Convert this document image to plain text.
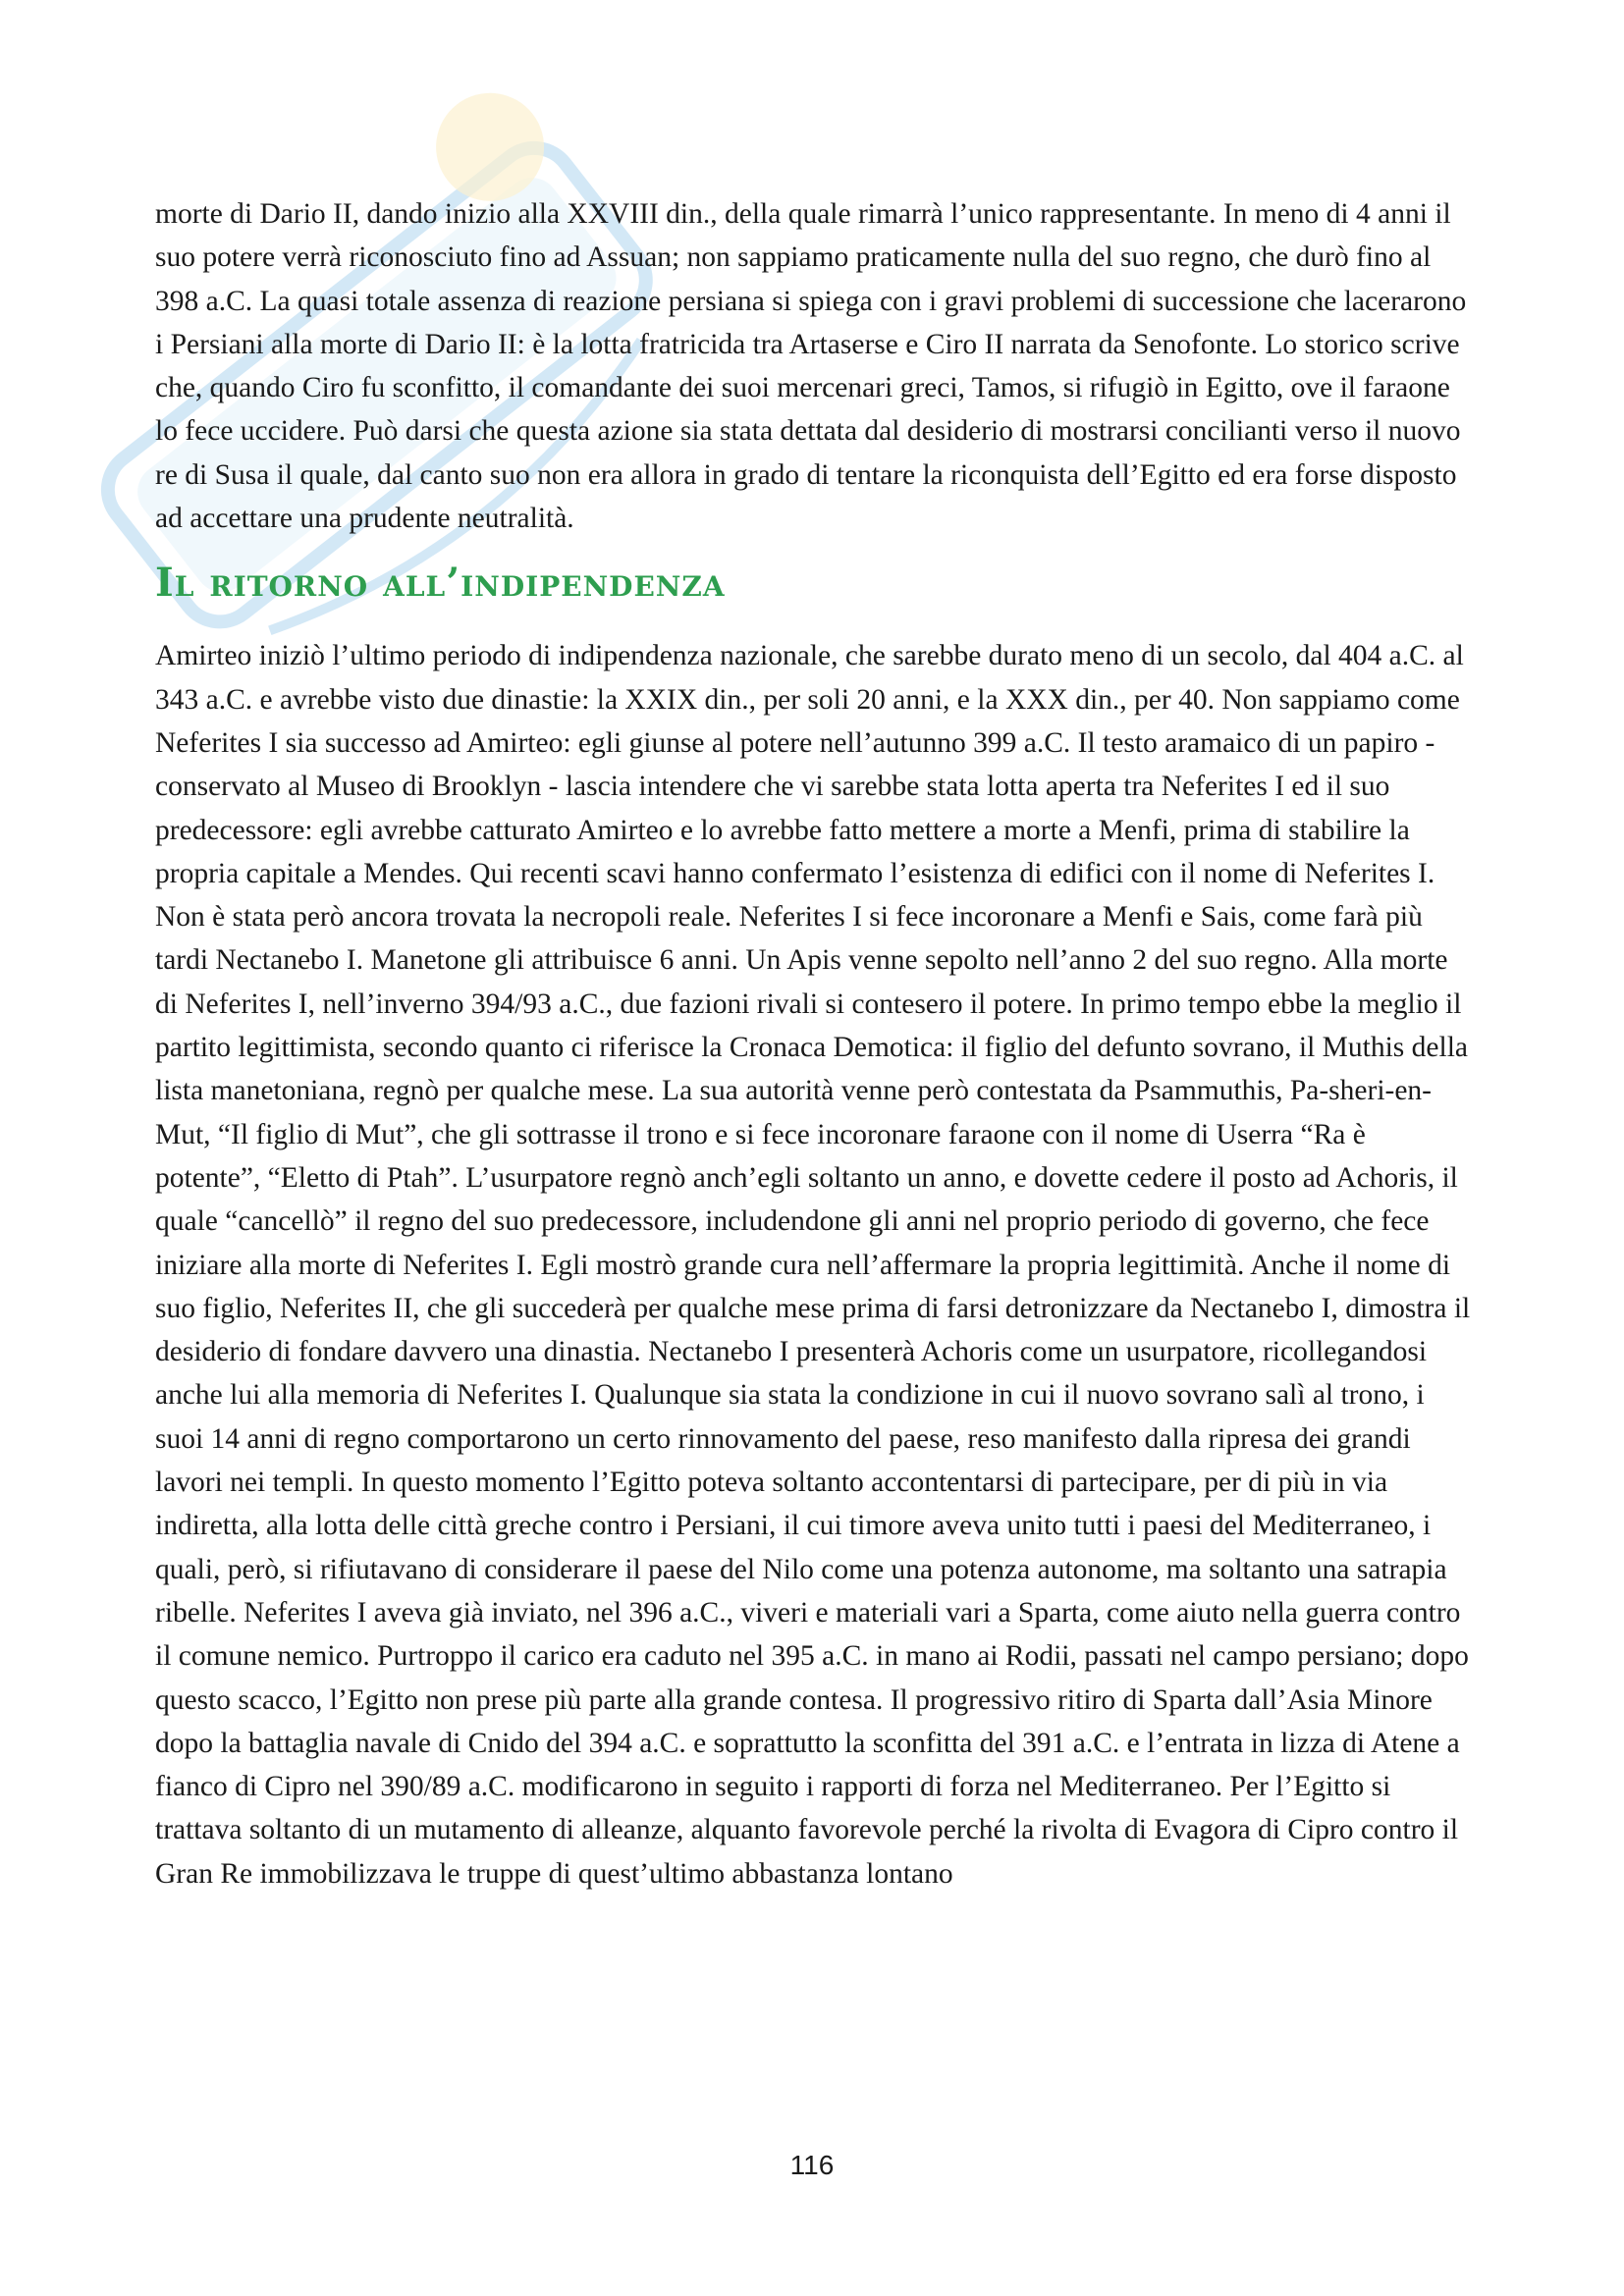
morte di Dario II, dando inizio alla XXVIII din., della quale rimarrà l’unico rappresentante. In meno di 4 anni il suo potere verrà riconosciuto fino ad Assuan; non sappiamo praticamente nulla del suo regno, che durò fino al 398 a.C. La quasi totale assenza di reazione persiana si spiega con i gravi problemi di successione che lacerarono i Persiani alla morte di Dario II: è la lotta fratricida tra Artaserse e Ciro II narrata da Senofonte. Lo storico scrive che, quando Ciro fu sconfitto, il comandante dei suoi mercenari greci, Tamos, si rifugiò in Egitto, ove il faraone lo fece uccidere. Può darsi che questa azione sia stata dettata dal desiderio di mostrarsi concilianti verso il nuovo re di Susa il quale, dal canto suo non era allora in grado di tentare la riconquista dell’Egitto ed era forse disposto ad accettare una prudente neutralità.

Il ritorno all’indipendenza

Amirteo iniziò l’ultimo periodo di indipendenza nazionale, che sarebbe durato meno di un secolo, dal 404 a.C. al 343 a.C. e avrebbe visto due dinastie: la XXIX din., per soli 20 anni, e la XXX din., per 40. Non sappiamo come Neferites I sia successo ad Amirteo: egli giunse al potere nell’autunno 399 a.C. Il testo aramaico di un papiro - conservato al Museo di Brooklyn - lascia intendere che vi sarebbe stata lotta aperta tra Neferites I ed il suo predecessore: egli avrebbe catturato Amirteo e lo avrebbe fatto mettere a morte a Menfi, prima di stabilire la propria capitale a Mendes. Qui recenti scavi hanno confermato l’esistenza di edifici con il nome di Neferites I. Non è stata però ancora trovata la necropoli reale. Neferites I si fece incoronare a Menfi e Sais, come farà più tardi Nectanebo I. Manetone gli attribuisce 6 anni. Un Apis venne sepolto nell’anno 2 del suo regno. Alla morte di Neferites I, nell’inverno 394/93 a.C., due fazioni rivali si contesero il potere. In primo tempo ebbe la meglio il partito legittimista, secondo quanto ci riferisce la Cronaca Demotica: il figlio del defunto sovrano, il Muthis della lista manetoniana, regnò per qualche mese. La sua autorità venne però contestata da Psammuthis, Pa-sheri-en-Mut, “Il figlio di Mut”, che gli sottrasse il trono e si fece incoronare faraone con il nome di Userra “Ra è potente”, “Eletto di Ptah”. L’usurpatore regnò anch’egli soltanto un anno, e dovette cedere il posto ad Achoris, il quale “cancellò” il regno del suo predecessore, includendone gli anni nel proprio periodo di governo, che fece iniziare alla morte di Neferites I. Egli mostrò grande cura nell’affermare la propria legittimità. Anche il nome di suo figlio, Neferites II, che gli succederà per qualche mese prima di farsi detronizzare da Nectanebo I, dimostra il desiderio di fondare davvero una dinastia. Nectanebo I presenterà Achoris come un usurpatore, ricollegandosi anche lui alla memoria di Neferites I. Qualunque sia stata la condizione in cui il nuovo sovrano salì al trono, i suoi 14 anni di regno comportarono un certo rinnovamento del paese, reso manifesto dalla ripresa dei grandi lavori nei templi. In questo momento l’Egitto poteva soltanto accontentarsi di partecipare, per di più in via indiretta, alla lotta delle città greche contro i Persiani, il cui timore aveva unito tutti i paesi del Mediterraneo, i quali, però, si rifiutavano di considerare il paese del Nilo come una potenza autonome, ma soltanto una satrapia ribelle. Neferites I aveva già inviato, nel 396 a.C., viveri e materiali vari a Sparta, come aiuto nella guerra contro il comune nemico. Purtroppo il carico era caduto nel 395 a.C. in mano ai Rodii, passati nel campo persiano; dopo questo scacco, l’Egitto non prese più parte alla grande contesa. Il progressivo ritiro di Sparta dall’Asia Minore dopo la battaglia navale di Cnido del 394 a.C. e soprattutto la sconfitta del 391 a.C. e l’entrata in lizza di Atene a fianco di Cipro nel 390/89 a.C. modificarono in seguito i rapporti di forza nel Mediterraneo. Per l’Egitto si trattava soltanto di un mutamento di alleanze, alquanto favorevole perché la rivolta di Evagora di Cipro contro il Gran Re immobilizzava le truppe di quest’ultimo abbastanza lontano

116
